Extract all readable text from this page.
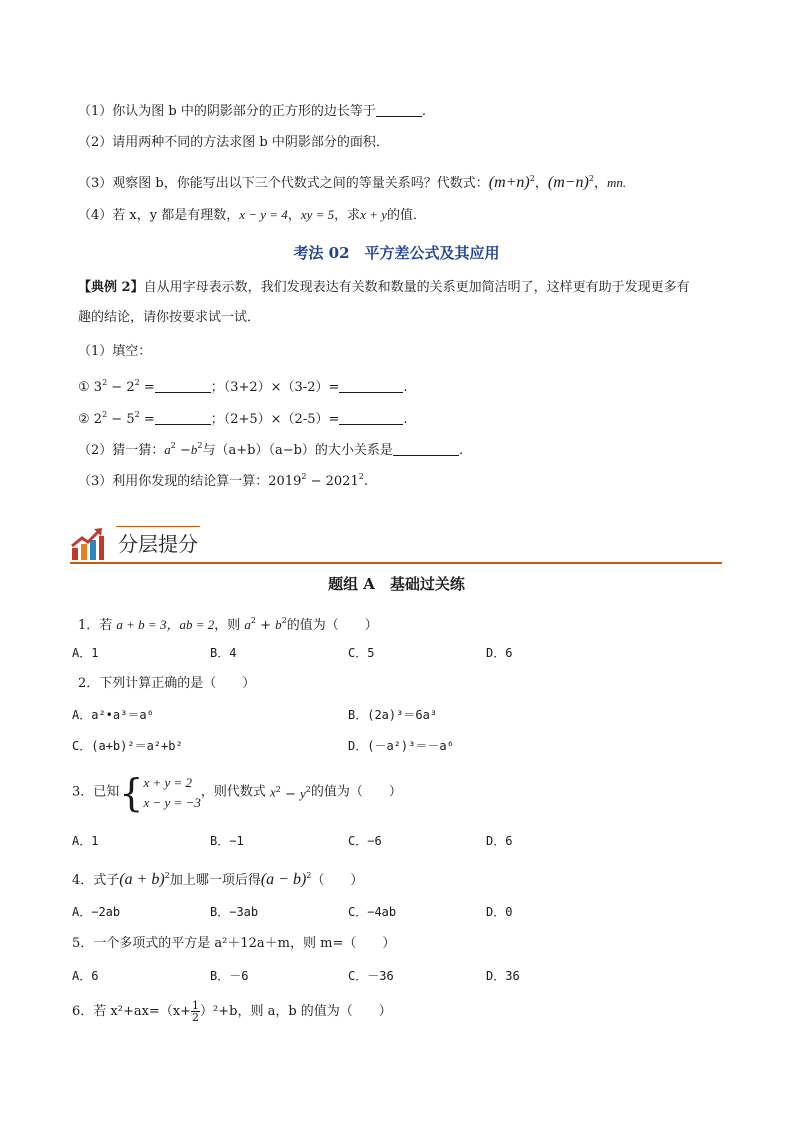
（1）你认为图 b 中的阴影部分的正方形的边长等于	.
（2）请用两种不同的方法求图 b 中阴影部分的面积．
（3）观察图 b，你能写出以下三个代数式之间的等量关系吗？代数式：$(m+n)^2$，$(m-n)^2$，mn.
（4）若 x，y 都是有理数，x − y = 4，xy = 5，求x + y的值．
考法 02　平方差公式及其应用
【典例 2】自从用字母表示数，我们发现表达有关数和数量的关系更加简洁明了，这样更有助于发现更多有
趣的结论，请你按要求试一试．
（1）填空：
① $3^2 - 2^2$ =	；（3+2）×（3-2）=	.
② $2^2 - 5^2$ =	；（2+5）×（2-5）=	.
（2）猜一猜：$a^2 -b^2$与（a+b）（a−b）的大小关系是	.
（3）利用你发现的结论算一算：$2019^2 - 2021^2$.
分层提分
题组 A　基础过关练
1．若 a + b = 3，ab = 2，则 $a^2 + b^2$的值为（　　）
A．1	B．4	C．5	D．6
2．下列计算正确的是（　　）
A．a²•a³＝a⁶	B．(2a)³＝6a³
C．(a+b)²＝a²+b²	D．(－a²)³＝－a⁶
3．已知{ x + y = 2
x − y = −3
，则代数式 $x^2 - y^2$的值为（　　）
A．1	B．−1	C．−6	D．6
4．式子$(a + b)^2$加上哪一项后得$(a - b)^2$（　　）
A．−2ab	B．−3ab	C．−4ab	D．0
5．一个多项式的平方是 a²＋12a＋m，则 m=（　　）
A．6	B．－6	C．－36	D．36
6．若 $x^2+ax=(x+ \frac{1}{2} )^2+b$，则 a，b 的值为（　　）
